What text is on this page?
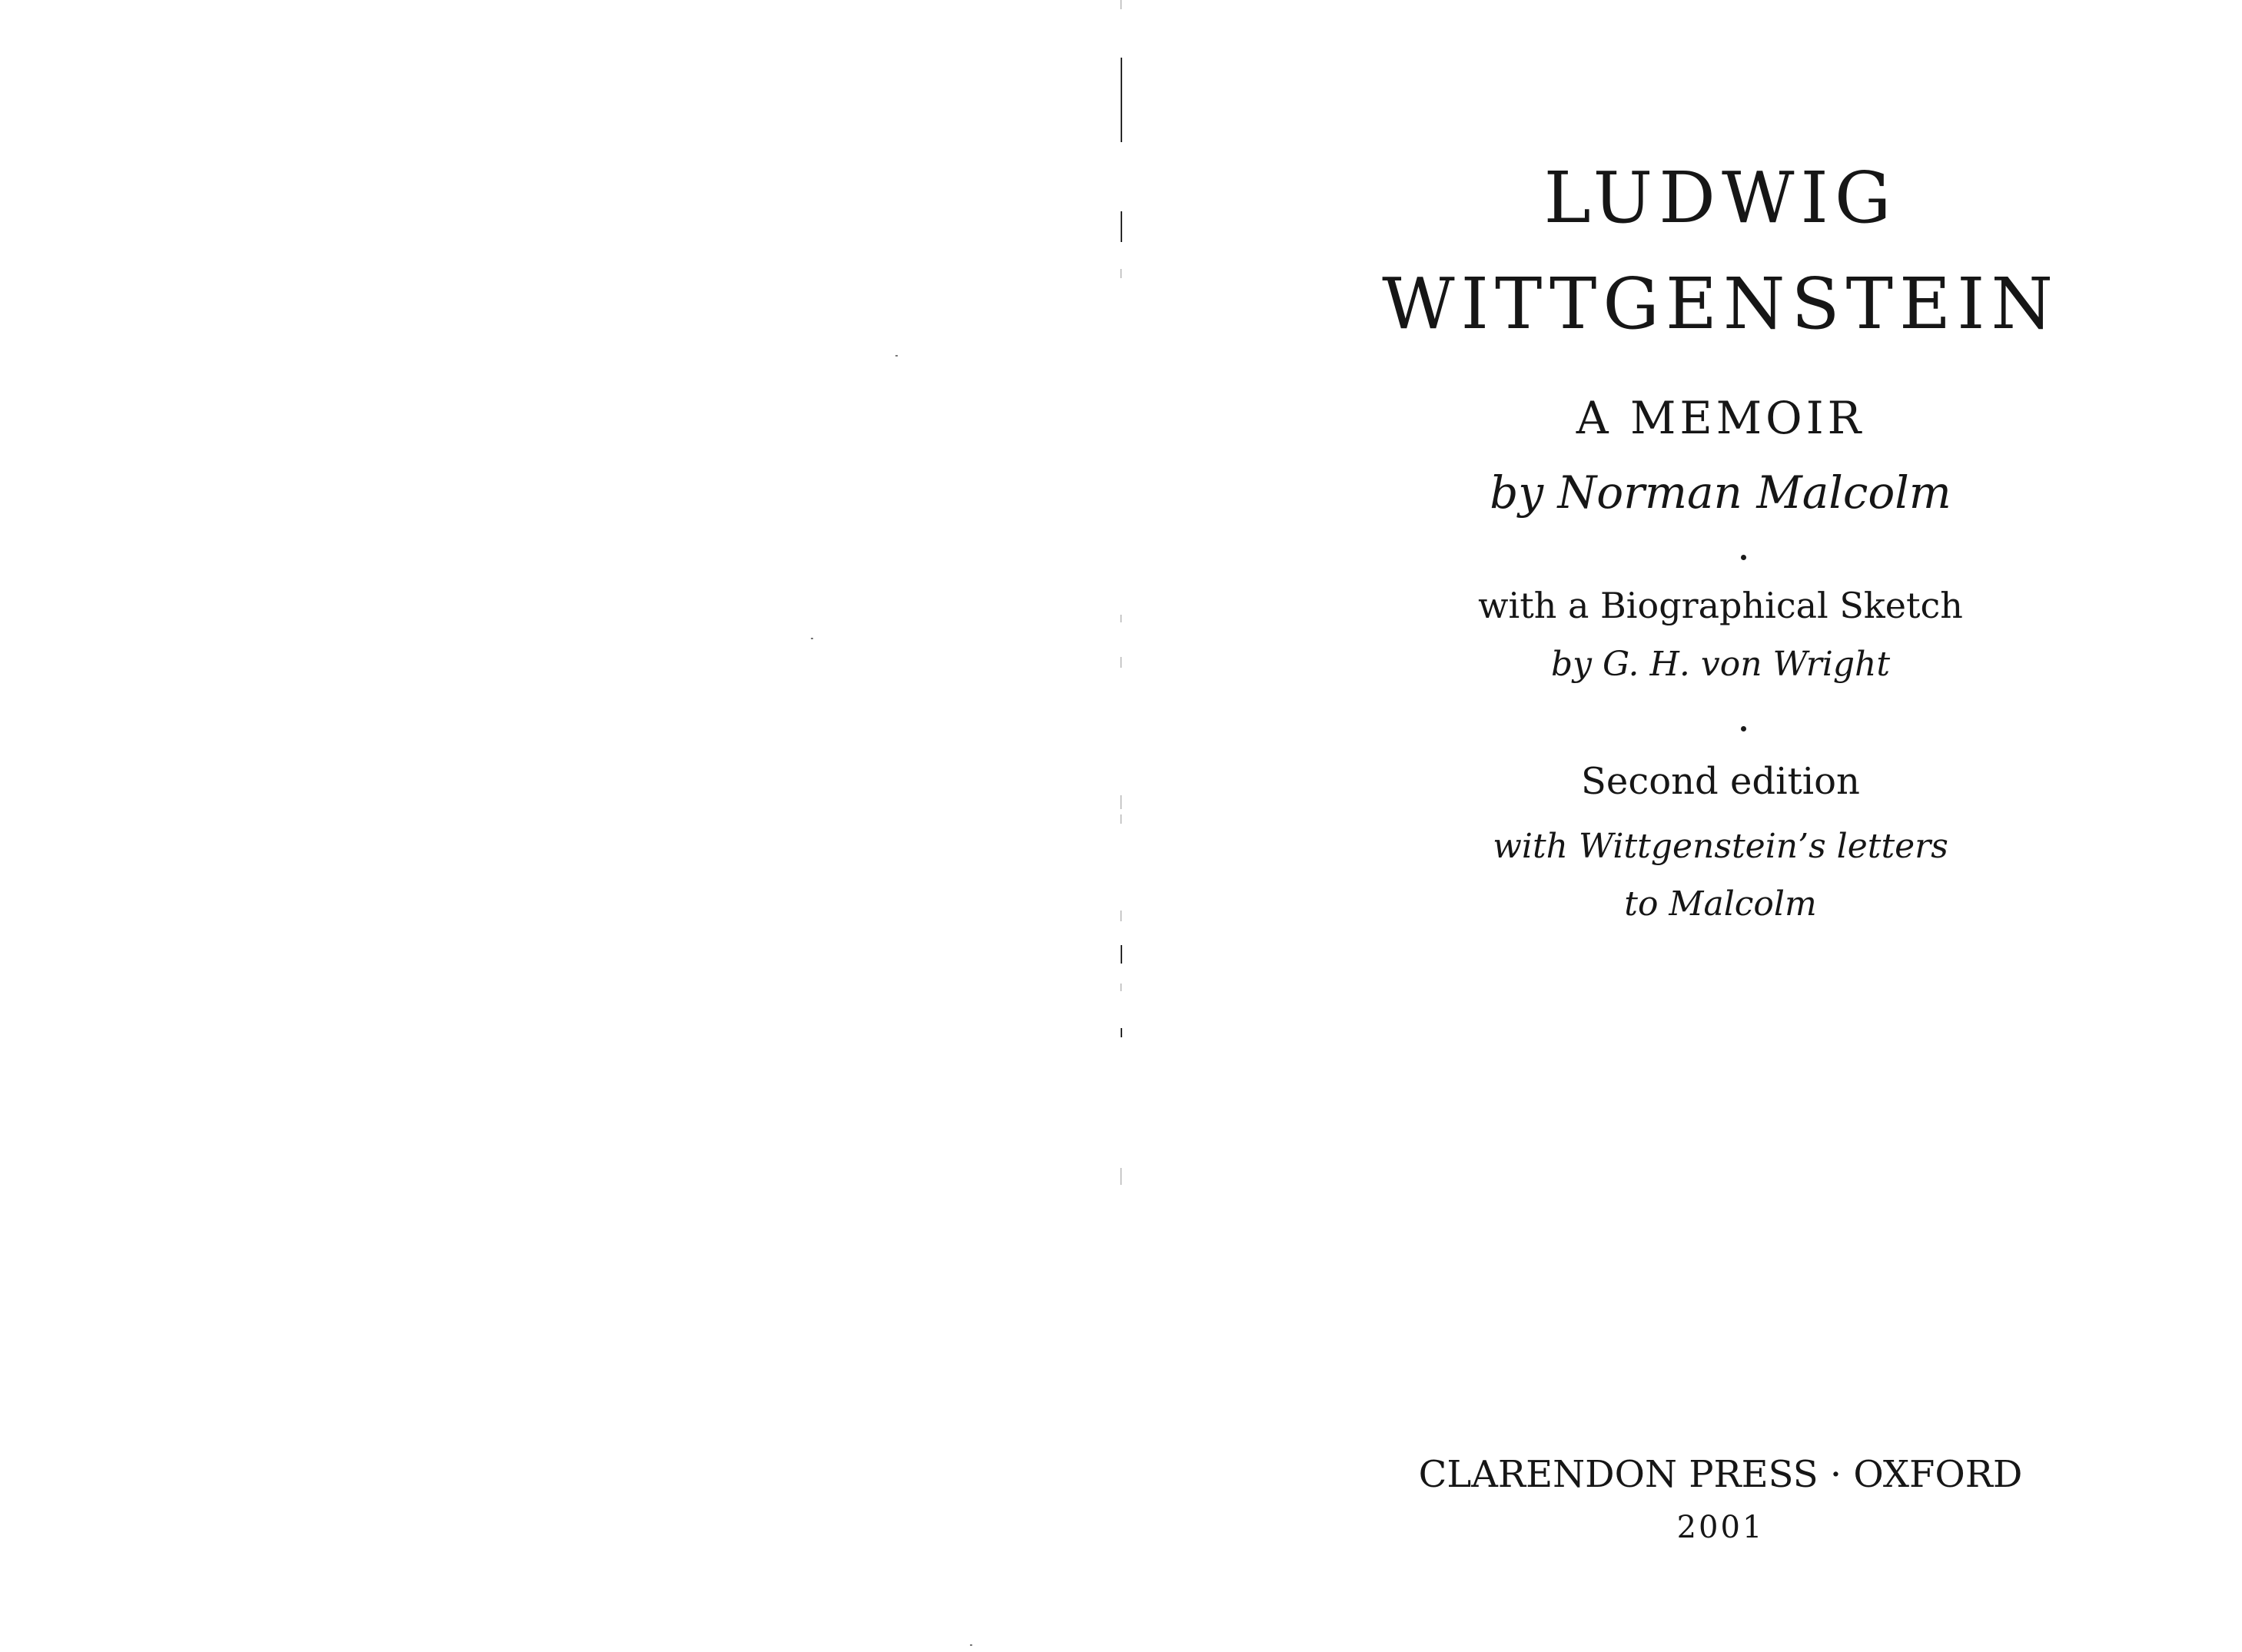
LUDWIG
WITTGENSTEIN
A MEMOIR
by Norman Malcolm
with a Biographical Sketch
by G. H. von Wright
Second edition
with Wittgenstein’s letters
to Malcolm
CLARENDON PRESS · OXFORD
2001
